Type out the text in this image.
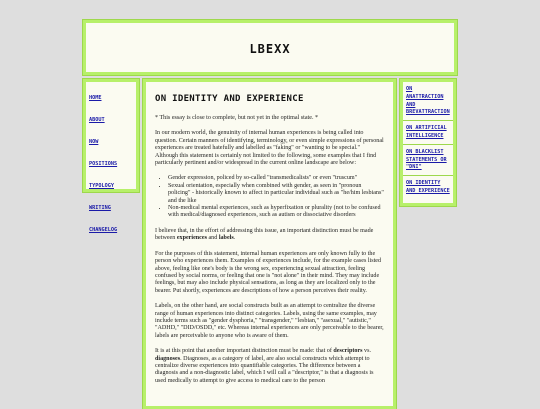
LBEXX
HOME
ABOUT
NOW
POSITIONS
TYPOLOGY
WRITING
CHANGELOG
ON IDENTITY AND EXPERIENCE

* This essay is close to complete, but not yet in the optimal state. *

In our modern world, the genuinity of internal human experiences is being called into question. Certain manners of identifying, terminology, or even simple expressions of personal experiences are treated hatefully and labelled as "faking" or "wanting to be special." Although this statement is certainly not limited to the following, some examples that I find particularly pertinent and/or widespread in the current online landscape are below:

• Gender expression, policed by so-called "transmedicalists" or even "truscum"
• Sexual orientation, especially when combined with gender, as seen in "pronoun policing" - historically known to affect in particular individual such as "he/him lesbians" and the like
• Non-medical mental experiences, such as hyperfixation or plurality (not to be confused with medical/diagnosed experiences, such as autism or dissociative disorders

I believe that, in the effort of addressing this issue, an important distinction must be made between experiences and labels.

For the purposes of this statement, internal human experiences are only known fully to the person who experiences them. Examples of experiences include, for the example cases listed above, feeling like one's body is the wrong sex, experiencing sexual attraction, feeling confused by social norms, or feeling that one is "not alone" in their mind. They may include feelings, but may also include physical sensations, as long as they are localized only to the bearer. Put shortly, experiences are descriptions of how a person perceives their reality.

Labels, on the other hand, are social constructs built as an attempt to centralize the diverse range of human experiences into distinct categories. Labels, using the same examples, may include terms such as "gender dysphoria," "transgender," "lesbian," "asexual," "autistic," "ADHD," "DID/OSDD," etc. Whereas internal experiences are only perceivable to the bearer, labels are perceivable to anyone who is aware of them.

It is at this point that another important distinction must be made: that of descriptors vs. diagnoses. Diagnoses, as a category of label, are also social constructs which attempt to centralize diverse experiences into quantifiable categories. The difference between a diagnosis and a non-diagnostic label, which I will call a "descriptor," is that a diagnosis is used medically to attempt to give access to medical care to the person

ON ANATTRACTION AND BREVATTRACTION
ON ARTIFICIAL INTELLIGENCE
ON BLACKLIST STATEMENTS OR "DNI"
ON IDENTITY AND EXPERIENCE
